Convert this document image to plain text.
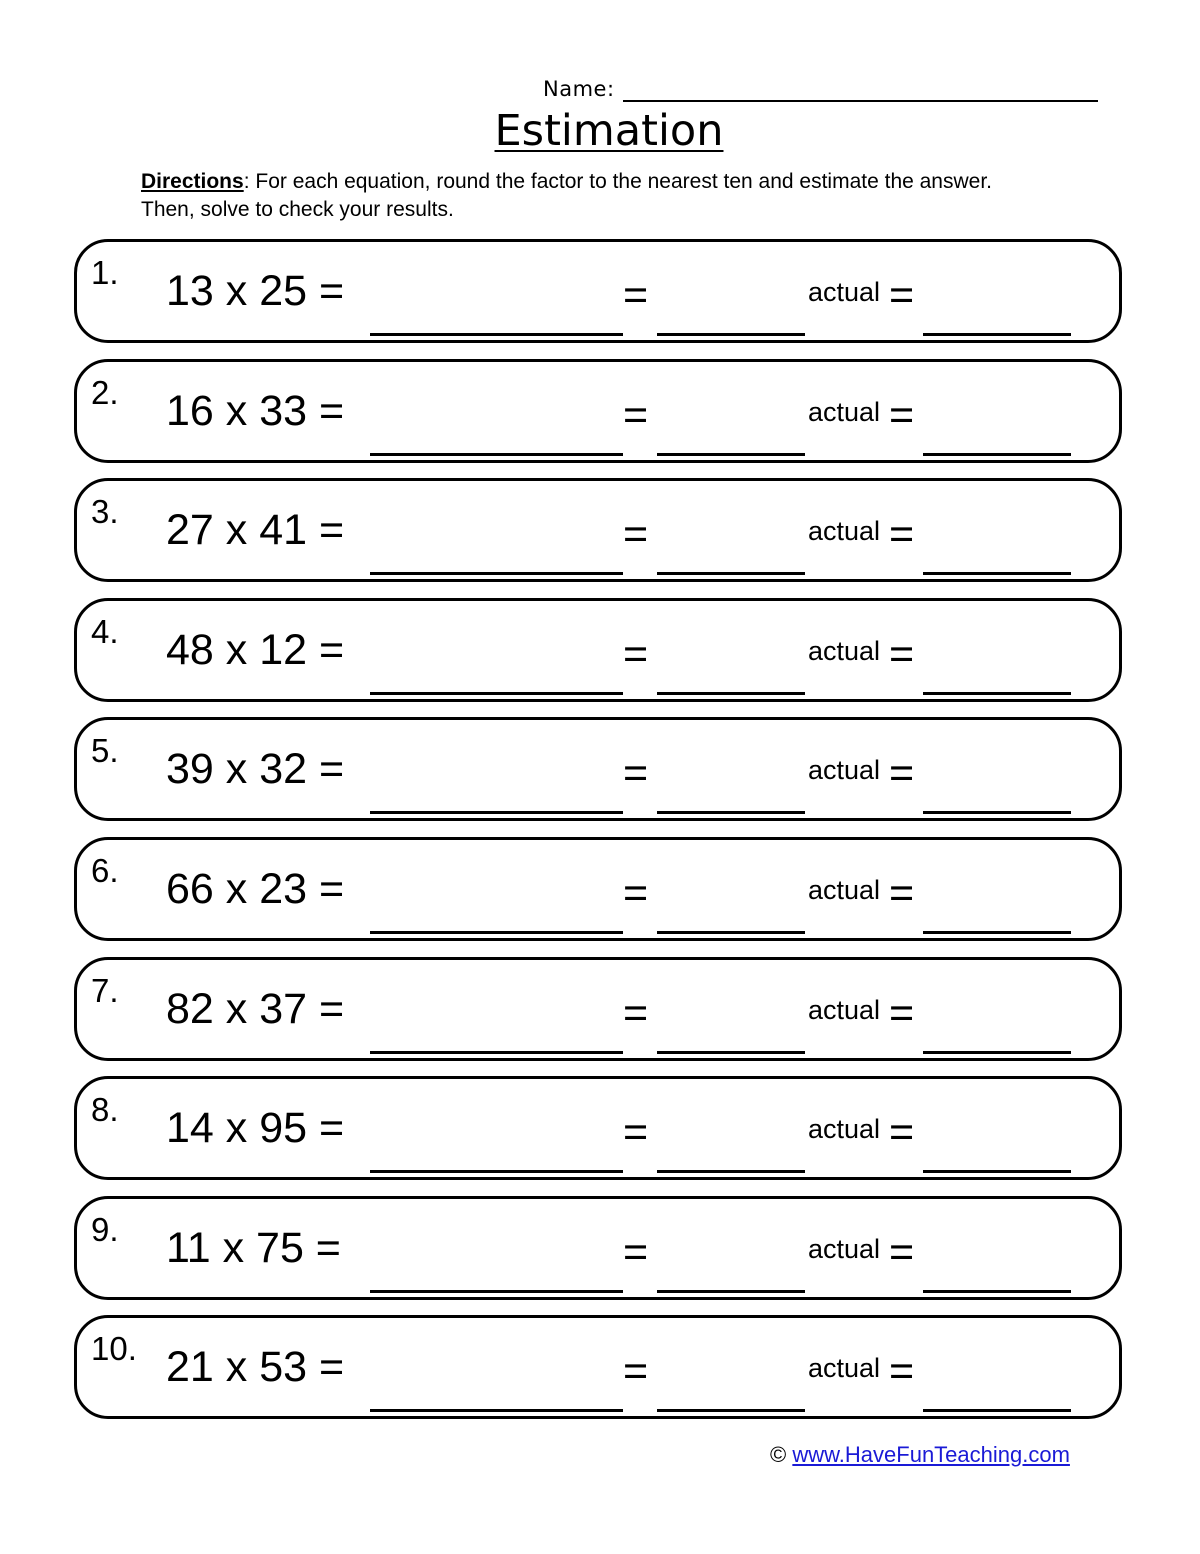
Name:
Estimation
Directions: For each equation, round the factor to the nearest ten and estimate the answer. Then, solve to check your results.
1. 13 x 25 =	=	actual =
2. 16 x 33 =	=	actual =
3. 27 x 41 =	=	actual =
4. 48 x 12 =	=	actual =
5. 39 x 32 =	=	actual =
6. 66 x 23 =	=	actual =
7. 82 x 37 =	=	actual =
8. 14 x 95 =	=	actual =
9. 11 x 75 =	=	actual =
10. 21 x 53 =	=	actual =
© www.HaveFunTeaching.com
